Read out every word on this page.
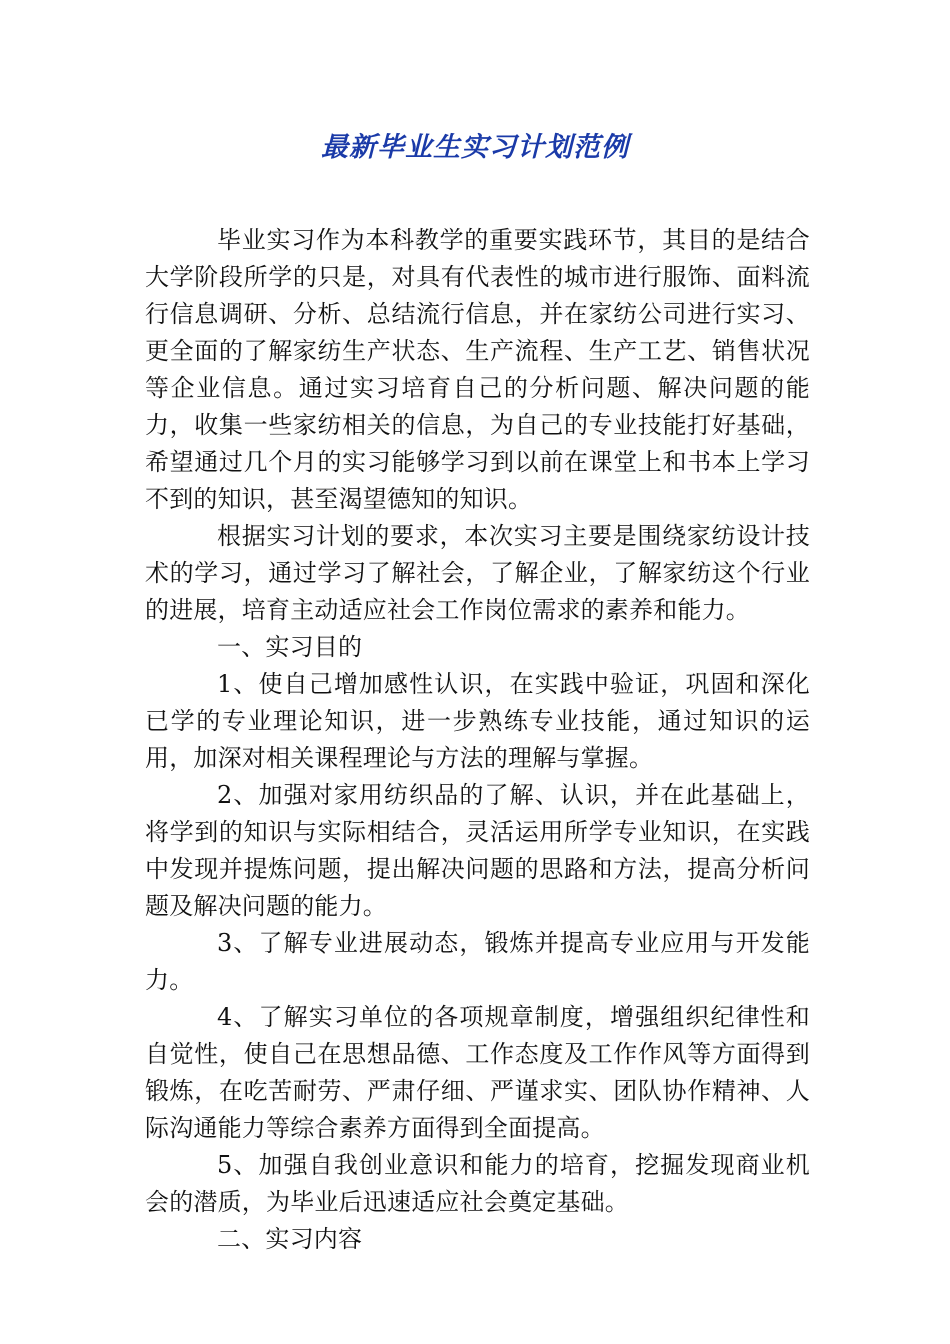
最新毕业生实习计划范例

毕业实习作为本科教学的重要实践环节，其目的是结合大学阶段所学的只是，对具有代表性的城市进行服饰、面料流行信息调研、分析、总结流行信息，并在家纺公司进行实习、更全面的了解家纺生产状态、生产流程、生产工艺、销售状况等企业信息。通过实习培育自己的分析问题、解决问题的能力，收集一些家纺相关的信息，为自己的专业技能打好基础，希望通过几个月的实习能够学习到以前在课堂上和书本上学习不到的知识，甚至渴望德知的知识。

根据实习计划的要求，本次实习主要是围绕家纺设计技术的学习，通过学习了解社会，了解企业，了解家纺这个行业的进展，培育主动适应社会工作岗位需求的素养和能力。

一、实习目的

1、使自己增加感性认识，在实践中验证，巩固和深化已学的专业理论知识，进一步熟练专业技能，通过知识的运用，加深对相关课程理论与方法的理解与掌握。

2、加强对家用纺织品的了解、认识，并在此基础上，将学到的知识与实际相结合，灵活运用所学专业知识，在实践中发现并提炼问题，提出解决问题的思路和方法，提高分析问题及解决问题的能力。

3、了解专业进展动态，锻炼并提高专业应用与开发能力。

4、了解实习单位的各项规章制度，增强组织纪律性和自觉性，使自己在思想品德、工作态度及工作作风等方面得到锻炼，在吃苦耐劳、严肃仔细、严谨求实、团队协作精神、人际沟通能力等综合素养方面得到全面提高。

5、加强自我创业意识和能力的培育，挖掘发现商业机会的潜质，为毕业后迅速适应社会奠定基础。

二、实习内容
